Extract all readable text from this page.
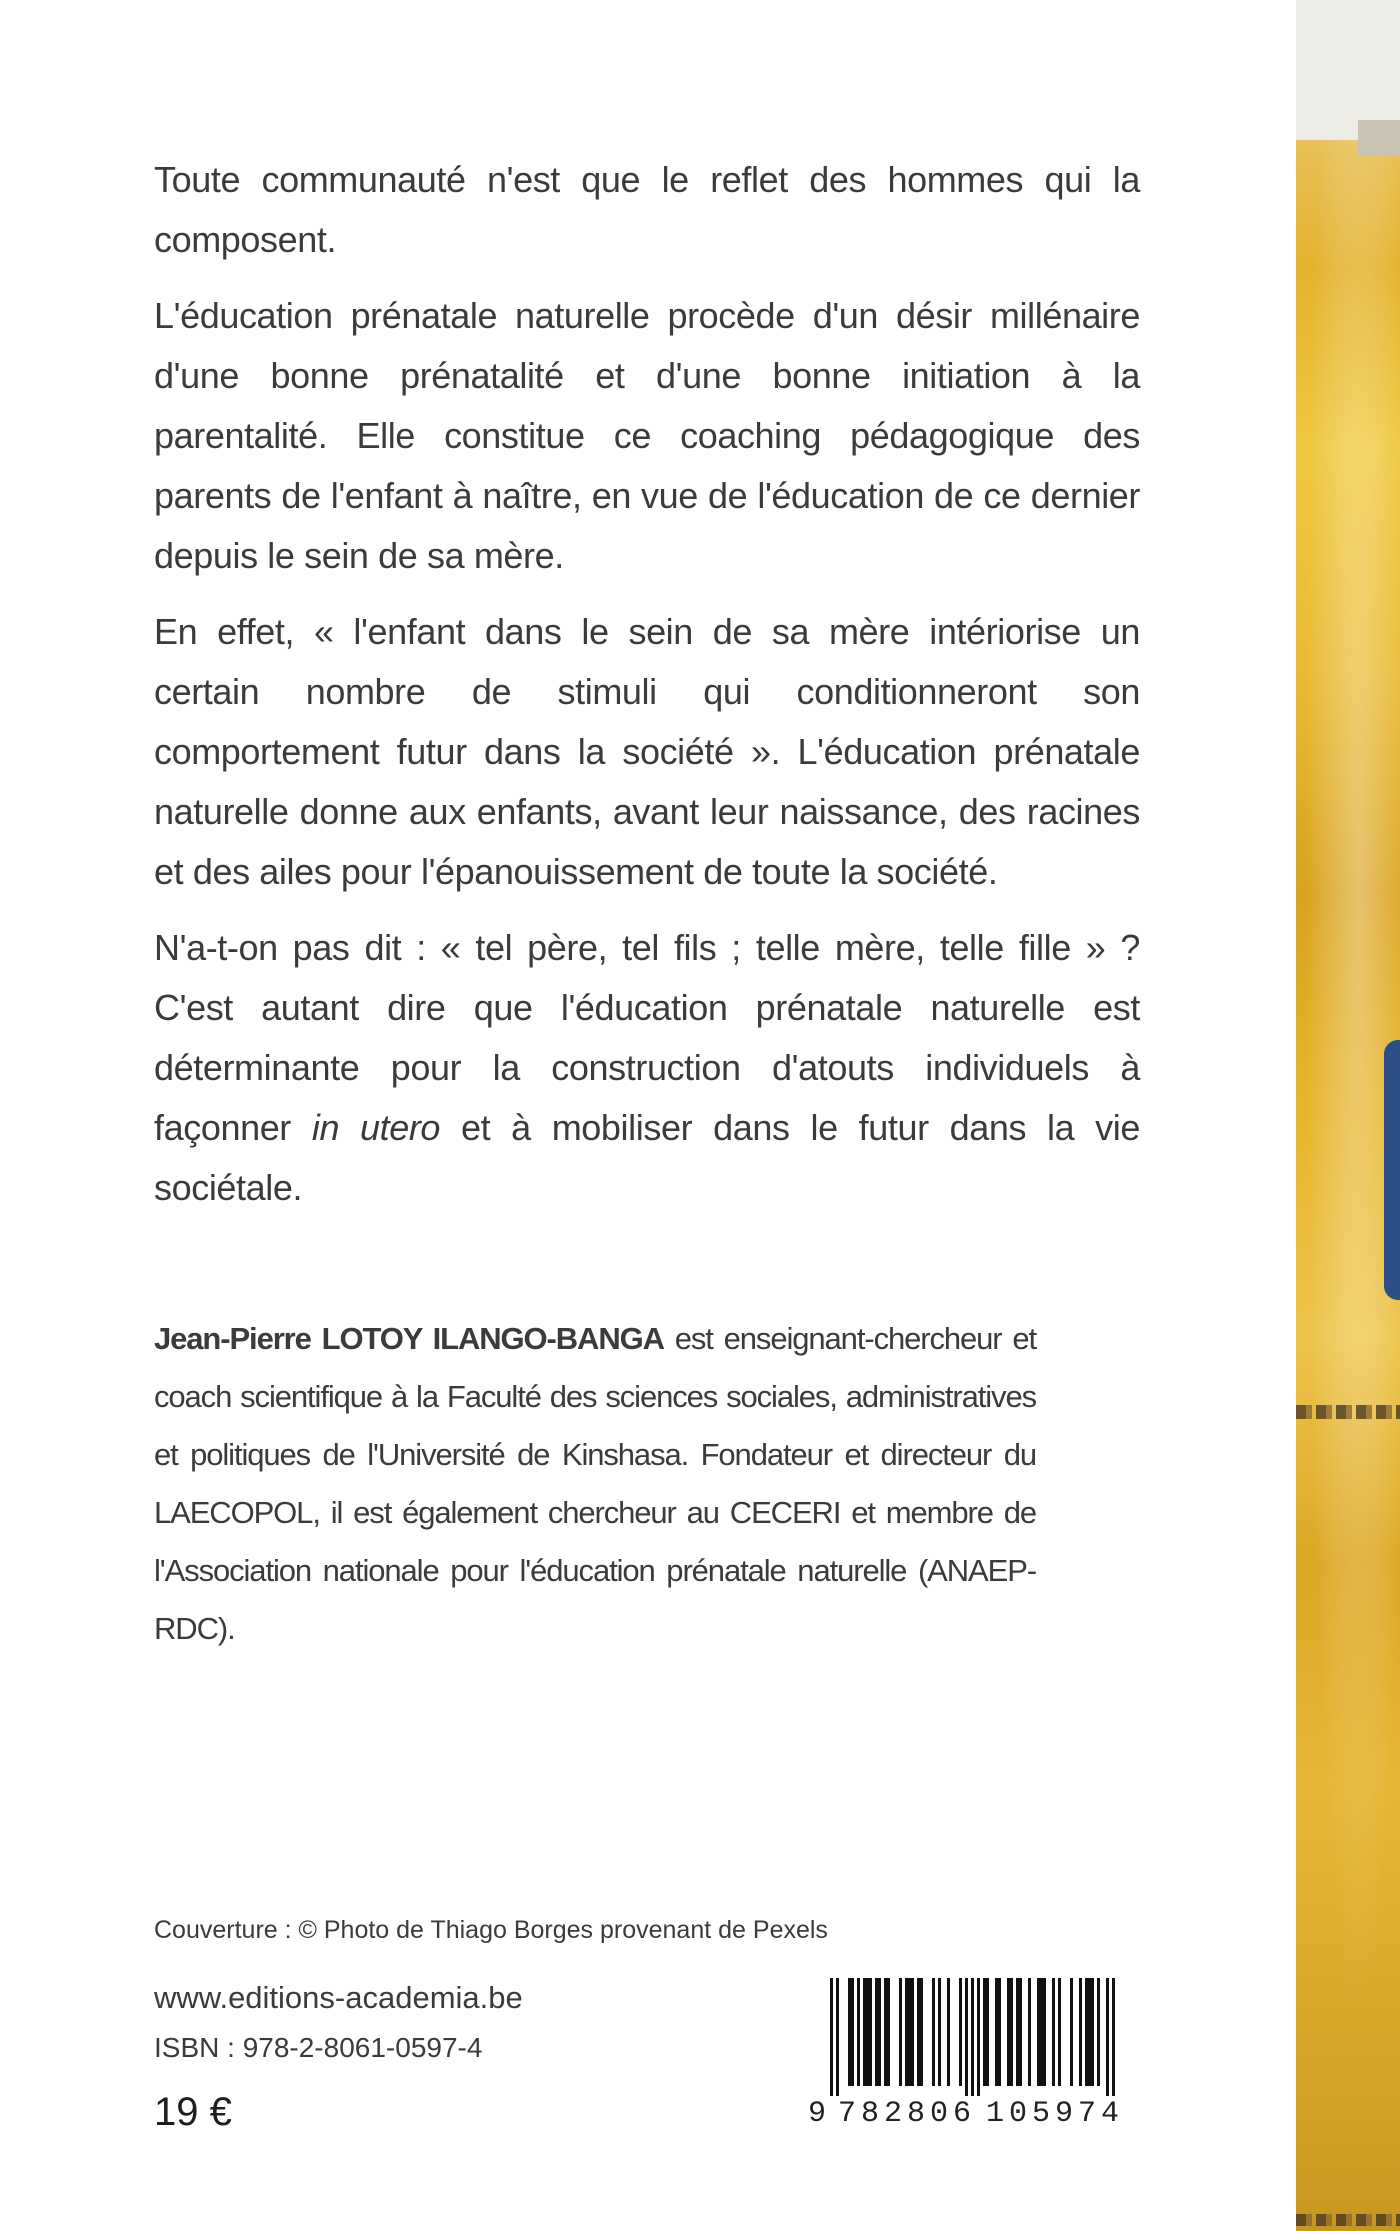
Toute communauté n'est que le reflet des hommes qui la composent.

L'éducation prénatale naturelle procède d'un désir millénaire d'une bonne prénatalité et d'une bonne initiation à la parentalité. Elle constitue ce coaching pédagogique des parents de l'enfant à naître, en vue de l'éducation de ce dernier depuis le sein de sa mère.

En effet, « l'enfant dans le sein de sa mère intériorise un certain nombre de stimuli qui conditionneront son comportement futur dans la société ». L'éducation prénatale naturelle donne aux enfants, avant leur naissance, des racines et des ailes pour l'épanouissement de toute la société.

N'a-t-on pas dit : « tel père, tel fils ; telle mère, telle fille » ? C'est autant dire que l'éducation prénatale naturelle est déterminante pour la construction d'atouts individuels à façonner in utero et à mobiliser dans le futur dans la vie sociétale.

Jean-Pierre LOTOY ILANGO-BANGA est enseignant-chercheur et coach scientifique à la Faculté des sciences sociales, administratives et politiques de l'Université de Kinshasa. Fondateur et directeur du LAECOPOL, il est également chercheur au CECERI et membre de l'Association nationale pour l'éducation prénatale naturelle (ANAEP-RDC).
Couverture : © Photo de Thiago Borges provenant de Pexels
www.editions-academia.be
ISBN : 978-2-8061-0597-4
19 €	9 782806 105974
